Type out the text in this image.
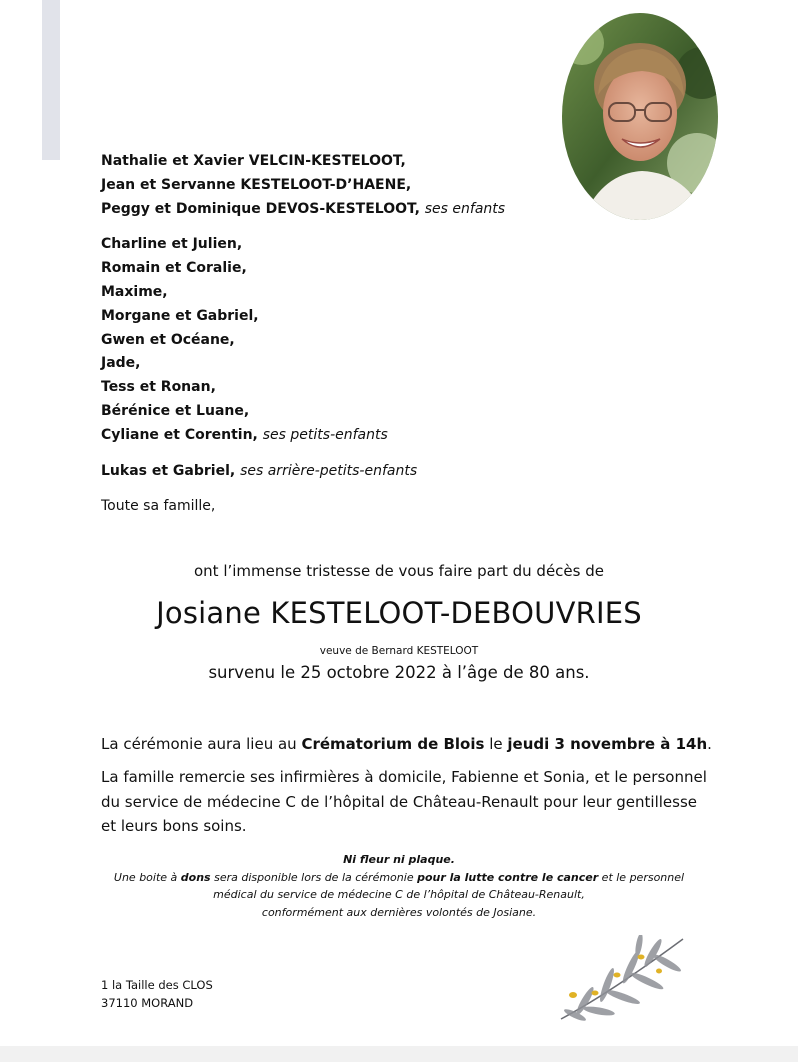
Nathalie et Xavier VELCIN-KESTELOOT,
Jean et Servanne KESTELOOT-D’HAENE,
Peggy et Dominique DEVOS-KESTELOOT, ses enfants
Charline et Julien,
Romain et Coralie,
Maxime,
Morgane et Gabriel,
Gwen et Océane,
Jade,
Tess et Ronan,
Bérénice et Luane,
Cyliane et Corentin, ses petits-enfants
Lukas et Gabriel, ses arrière-petits-enfants
Toute sa famille,
ont l’immense tristesse de vous faire part du décès de
Josiane KESTELOOT-DEBOUVRIES
veuve de Bernard KESTELOOT
survenu le 25 octobre 2022 à l’âge de 80 ans.
La cérémonie aura lieu au Crématorium de Blois le jeudi 3 novembre à 14h.
La famille remercie ses infirmières à domicile, Fabienne et Sonia, et le personnel
du service de médecine C de l’hôpital de Château-Renault pour leur gentillesse
et leurs bons soins.
Ni fleur ni plaque.
Une boite à dons sera disponible lors de la cérémonie pour la lutte contre le cancer et le personnel
médical du service de médecine C de l’hôpital de Château-Renault,
conformément aux dernières volontés de Josiane.
1 la Taille des CLOS
37110 MORAND
